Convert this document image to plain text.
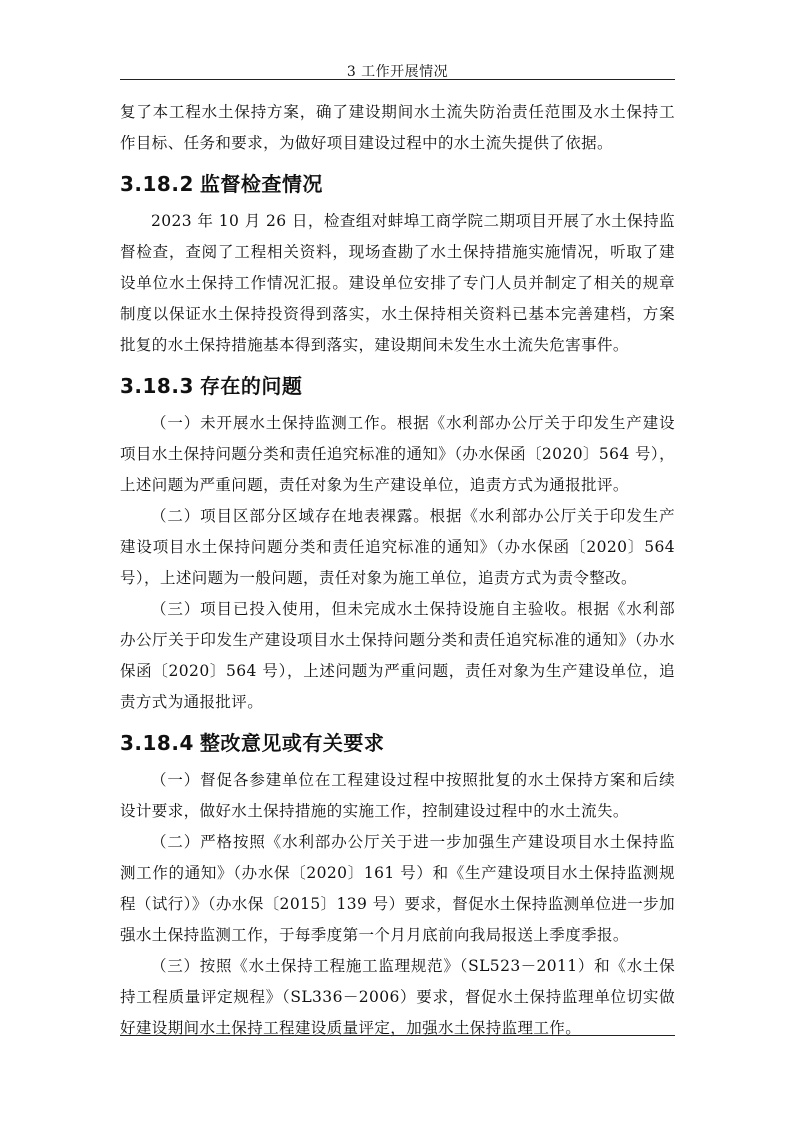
3 工作开展情况

复了本工程水土保持方案，确了建设期间水土流失防治责任范围及水土保持工作目标、任务和要求，为做好项目建设过程中的水土流失提供了依据。

3.18.2 监督检查情况

2023 年 10 月 26 日，检查组对蚌埠工商学院二期项目开展了水土保持监督检查，查阅了工程相关资料，现场查勘了水土保持措施实施情况，听取了建设单位水土保持工作情况汇报。建设单位安排了专门人员并制定了相关的规章制度以保证水土保持投资得到落实，水土保持相关资料已基本完善建档，方案批复的水土保持措施基本得到落实，建设期间未发生水土流失危害事件。

3.18.3 存在的问题

（一）未开展水土保持监测工作。根据《水利部办公厅关于印发生产建设项目水土保持问题分类和责任追究标准的通知》（办水保函〔2020〕564 号），上述问题为严重问题，责任对象为生产建设单位，追责方式为通报批评。

（二）项目区部分区域存在地表裸露。根据《水利部办公厅关于印发生产建设项目水土保持问题分类和责任追究标准的通知》（办水保函〔2020〕564 号），上述问题为一般问题，责任对象为施工单位，追责方式为责令整改。

（三）项目已投入使用，但未完成水土保持设施自主验收。根据《水利部办公厅关于印发生产建设项目水土保持问题分类和责任追究标准的通知》（办水保函〔2020〕564 号），上述问题为严重问题，责任对象为生产建设单位，追责方式为通报批评。

3.18.4 整改意见或有关要求

（一）督促各参建单位在工程建设过程中按照批复的水土保持方案和后续设计要求，做好水土保持措施的实施工作，控制建设过程中的水土流失。

（二）严格按照《水利部办公厅关于进一步加强生产建设项目水土保持监测工作的通知》（办水保〔2020〕161 号）和《生产建设项目水土保持监测规程（试行）》（办水保〔2015〕139 号）要求，督促水土保持监测单位进一步加强水土保持监测工作，于每季度第一个月月底前向我局报送上季度季报。

（三）按照《水土保持工程施工监理规范》（SL523－2011）和《水土保持工程质量评定规程》（SL336－2006）要求，督促水土保持监理单位切实做好建设期间水土保持工程建设质量评定，加强水土保持监理工作。
